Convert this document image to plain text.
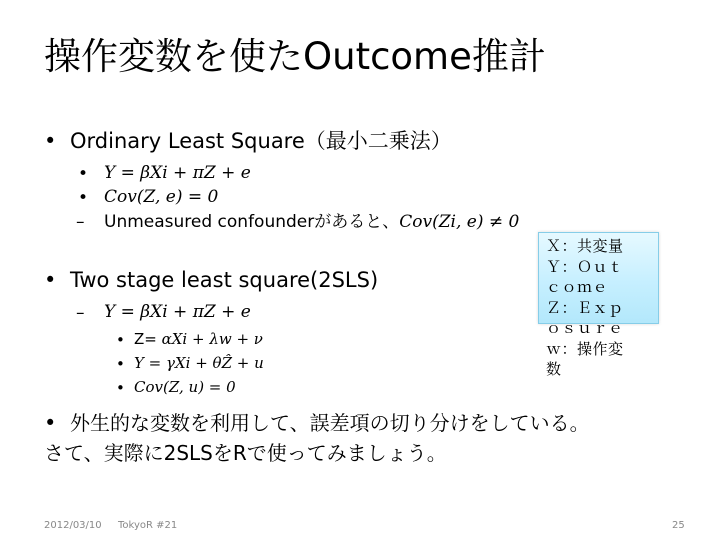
操作変数を使たOutcome推計
• Ordinary Least Square（最小二乗法）
• Y = βXi + πZ + e
• Cov(Z, e) = 0
– Unmeasured confounderがあると、Cov(Zi, e) ≠ 0
• Two stage least square(2SLS)
– Y = βXi + πZ + e
• Z= αXi + λw + ν
• Y = γXi + θẐ + u
• Cov(Z, u) = 0
• 外生的な変数を利用して、誤差項の切り分けをしている。
さて、実際に2SLSをRで使ってみましょう。
Ｘ：共変量
Ｙ：Ｏｕｔ
ｃｏｍｅ
Ｚ：Ｅｘｐ
ｏｓｕｒｅ
ｗ：操作変
数
2012/03/10 TokyoR #21	25
